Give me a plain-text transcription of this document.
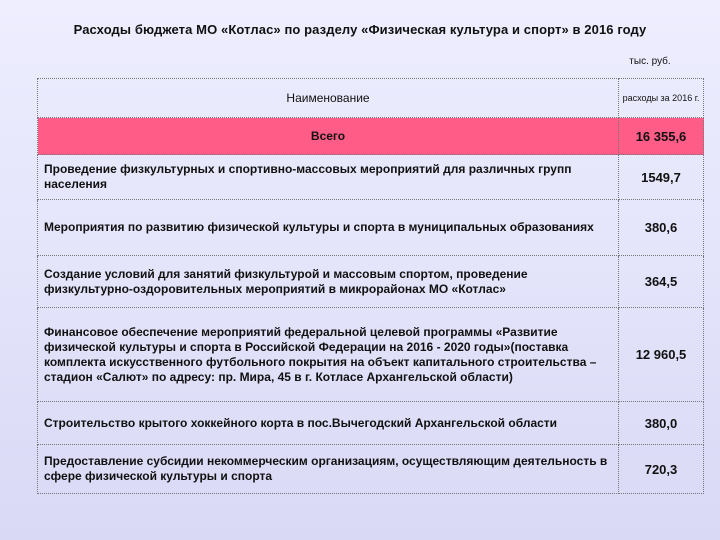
Расходы бюджета МО «Котлас» по разделу «Физическая культура и спорт» в 2016 году
тыс. руб.
Наименование	расходы за 2016 г.
Всего	16 355,6
Проведение физкультурных и спортивно-массовых мероприятий для различных групп населения	1549,7
Мероприятия по развитию физической культуры и спорта в муниципальных образованиях	380,6
Создание условий для занятий физкультурой и массовым спортом, проведение физкультурно-оздоровительных мероприятий в микрорайонах МО «Котлас»	364,5
Финансовое обеспечение мероприятий федеральной целевой программы «Развитие физической культуры и спорта в Российской Федерации на 2016 - 2020 годы»(поставка комплекта искусственного футбольного покрытия на объект капитального строительства – стадион «Салют» по адресу: пр. Мира, 45 в г. Котласе Архангельской области)	12 960,5
Строительство крытого хоккейного корта в пос.Вычегодский Архангельской области	380,0
Предоставление субсидии некоммерческим организациям, осуществляющим деятельность в сфере физической культуры и спорта	720,3
